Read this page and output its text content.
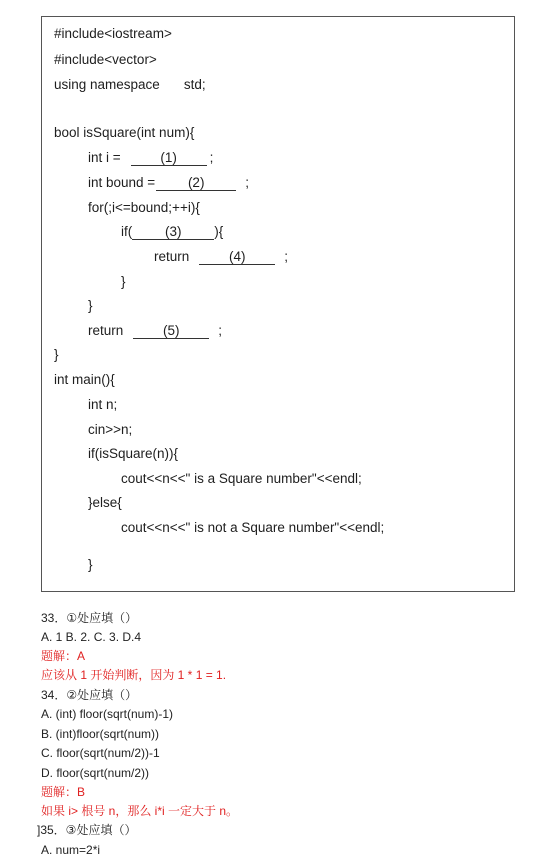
#include<iostream>
#include<vector>
using namespace std;
bool isSquare(int num){
int i =	(1) ;
int bound = (2)	;
for(;i<=bound;++i){
if( (3) ){
return	(4)	;
}
}
return	(5)	;
}
int main(){
int n;
cin>>n;
if(isSquare(n)){
cout<<n<<" is a Square number"<<endl;
}else{
cout<<n<<" is not a Square number"<<endl;
}
33．①处应填（）
A. 1 B. 2. C. 3. D.4
题解：A
应该从 1 开始判断，因为 1 * 1 = 1.
34．②处应填（）
A. (int) floor(sqrt(num)-1)
B. (int)floor(sqrt(num))
C. floor(sqrt(num/2))-1
D. floor(sqrt(num/2))
题解：B
如果 i> 根号 n，那么 i*i 一定大于 n。
]35．③处应填（）
A. num=2*i
